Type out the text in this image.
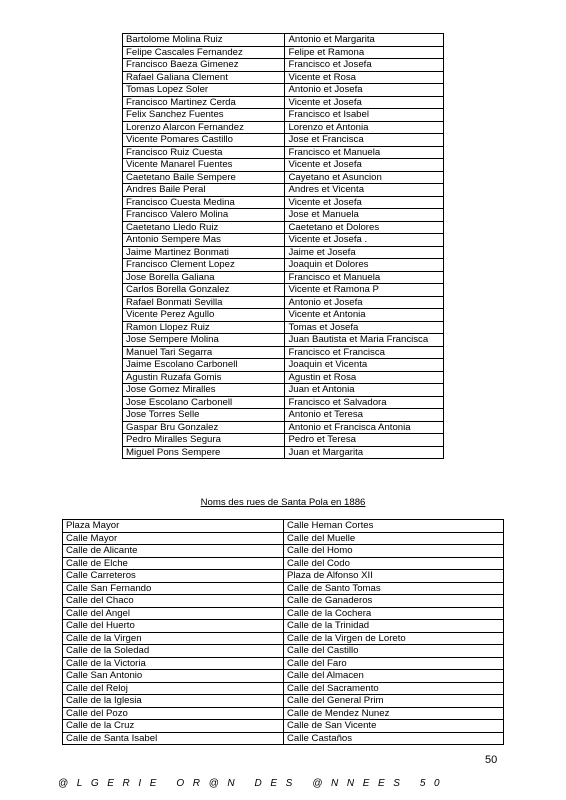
Bartolome Molina Ruiz	Antonio et Margarita
Felipe Cascales Fernandez	Felipe et Ramona
Francisco Baeza Gimenez	Francisco et Josefa
Rafael Galiana Clement	Vicente et Rosa
Tomas Lopez Soler	Antonio et Josefa
Francisco Martinez Cerda	Vicente et Josefa
Felix Sanchez Fuentes	Francisco et Isabel
Lorenzo Alarcon Fernandez	Lorenzo et Antonia
Vicente Pomares Castillo	Jose et Francisca
Francisco Ruiz Cuesta	Francisco et Manuela
Vicente Manarel Fuentes	Vicente et Josefa
Caetetano Baile Sempere	Cayetano et Asuncion
Andres Baile Peral	Andres et Vicenta
Francisco Cuesta Medina	Vicente et Josefa
Francisco Valero Molina	Jose et Manuela
Caetetano Lledo Ruiz	Caetetano et Dolores
Antonio Sempere Mas	Vicente et Josefa .
Jaime Martinez Bonmati	Jaime et Josefa
Francisco Clement Lopez	Joaquin et Dolores
Jose Borella Galiana	Francisco et Manuela
Carlos Borella Gonzalez	Vicente et Ramona P
Rafael Bonmati Sevilla	Antonio et Josefa
Vicente Perez Agullo	Vicente et Antonia
Ramon Llopez Ruiz	Tomas et Josefa
Jose Sempere Molina	Juan Bautista et Maria Francisca
Manuel Tari Segarra	Francisco et Francisca
Jaime Escolano Carbonell	Joaquin et Vicenta
Agustin Ruzafa Gomis	Agustin et Rosa
Jose Gomez Miralles	Juan et Antonia
Jose Escolano Carbonell	Francisco et Salvadora
Jose Torres Selle	Antonio et Teresa
Gaspar Bru Gonzalez	Antonio et Francisca Antonia
Pedro Miralles Segura	Pedro et Teresa
Miguel Pons Sempere	Juan et Margarita
Noms des rues de Santa Pola en 1886
Plaza Mayor	Calle Heman Cortes
Calle Mayor	Calle del Muelle
Calle de Alicante	Calle del Homo
Calle de Elche	Calle del Codo
Calle Carreteros	Plaza de Alfonso XII
Calle San Fernando	Calle de Santo Tomas
Calle del Chaco	Calle de Ganaderos
Calle del Angel	Calle de la Cochera
Calle del Huerto	Calle de la Trinidad
Calle de la Virgen	Calle de la Virgen de Loreto
Calle de la Soledad	Calle del Castillo
Calle de la Victoria	Calle del Faro
Calle San Antonio	Calle del Almacen
Calle del Reloj	Calle del Sacramento
Calle de la Iglesia	Calle del General Prim
Calle del Pozo	Calle de Mendez Nunez
Calle de la Cruz	Calle de San Vicente
Calle de Santa Isabel	Calle Castaños
50
@LGERIE OR@N DES @NNEES 50
